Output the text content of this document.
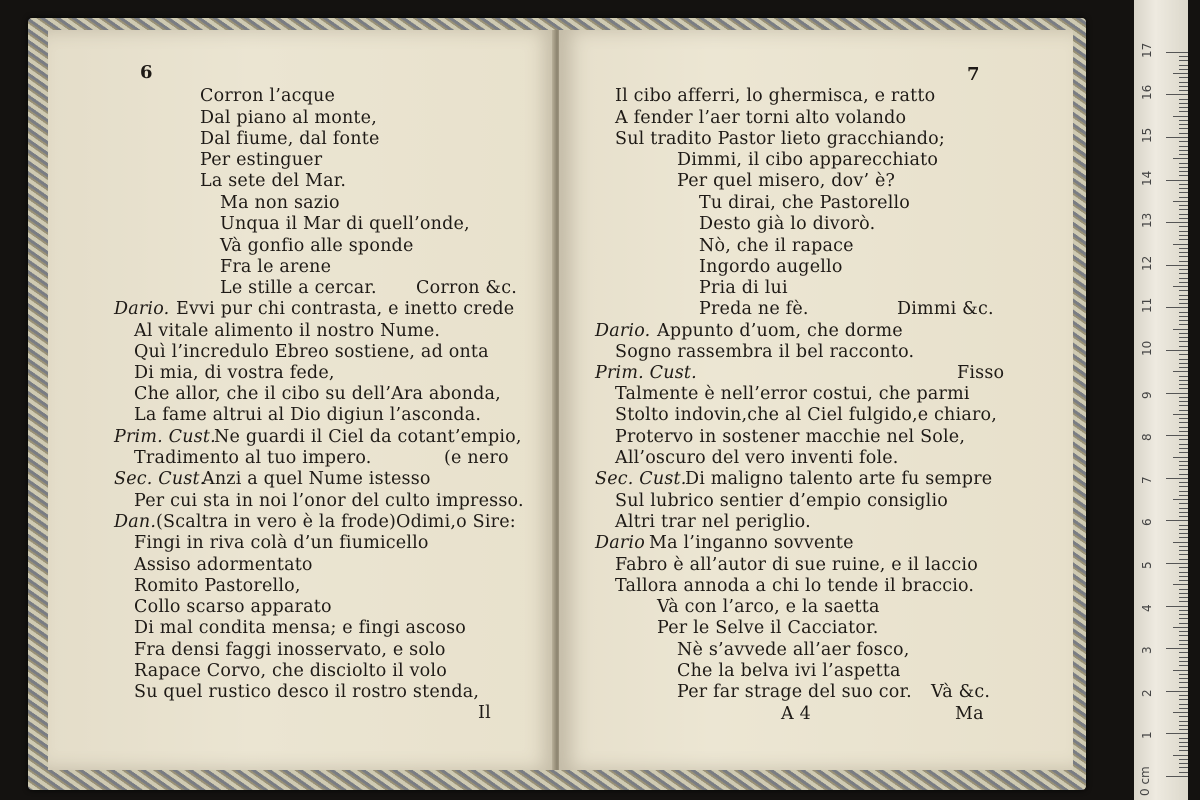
6
Corron l’acque
Dal piano al monte,
Dal fiume, dal fonte
Per estinguer
La sete del Mar.
Ma non sazio
Unqua il Mar di quell’onde,
Và gonfio alle sponde
Fra le arene
Le stille a cercar. Corron &c.
Dario. Evvi pur chi contrasta, e inetto crede
Al vitale alimento il nostro Nume.
Quì l’incredulo Ebreo sostiene, ad onta
Di mia, di vostra fede,
Che allor, che il cibo su dell’Ara abonda,
La fame altrui al Dio digiun l’asconda.
Prim. Cust.
Ne guardi il Ciel da cotant’empio,
Tradimento al tuo impero.	(e nero
Sec. Cust.
Anzi a quel Nume istesso
Per cui sta in noi l’onor del culto impresso.
Dan. (Scaltra in vero è la frode)Odimi,o Sire:
Fingi in riva colà d’un fiumicello
Assiso adormentato
Romito Pastorello,
Collo scarso apparato
Di mal condita mensa; e fingi ascoso
Fra densi faggi inosservato, e solo
Rapace Corvo, che disciolto il volo
Su quel rustico desco il rostro stenda,
Il
7
Il cibo afferri, lo ghermisca, e ratto
A fender l’aer torni alto volando
Sul tradito Pastor lieto gracchiando;
Dimmi, il cibo apparecchiato
Per quel misero, dov’ è?
Tu dirai, che Pastorello
Desto già lo divorò.
Nò, che il rapace
Ingordo augello
Pria di lui
Preda ne fè.	Dimmi &c.
Dario. Appunto d’uom, che dorme
Sogno rassembra il bel racconto.
Prim. Cust.	Fisso
Talmente è nell’error costui, che parmi
Stolto indovin,che al Ciel fulgido,e chiaro,
Protervo in sostener macchie nel Sole,
All’oscuro del vero inventi fole.
Sec. Cust.
Di maligno talento arte fu sempre
Sul lubrico sentier d’empio consiglio
Altri trar nel periglio.
Dario Ma l’inganno sovvente
Fabro è all’autor di sue ruine, e il laccio
Tallora annoda a chi lo tende il braccio.
Và con l’arco, e la saetta
Per le Selve il Cacciator.
Nè s’avvede all’aer fosco,
Che la belva ivi l’aspetta
Per far strage del suo cor. Và &c.
A 4	Ma
0 cm
1
2
3
4
5
6
7
8
9
10
11
12
13
14
15
16
17
